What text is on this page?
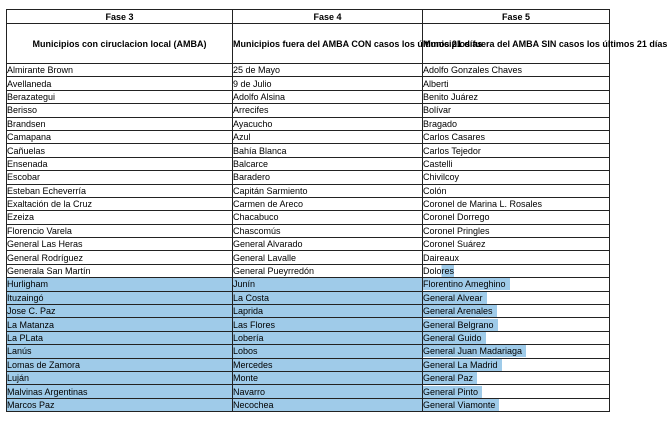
Fase 3	Fase 4	Fase 5
Municipios con ciruclacion local (AMBA)	Municipios fuera del AMBA CON casos los últimos 21 días	Municipios fuera del AMBA SIN casos los últimos 21 días
Almirante Brown	25 de Mayo	Adolfo Gonzales Chaves
Avellaneda	9 de Julio	Alberti
Berazategui	Adolfo Alsina	Benito Juárez
Berisso	Arrecifes	Bolívar
Brandsen	Ayacucho	Bragado
Camapana	Azul	Carlos Casares
Cañuelas	Bahía Blanca	Carlos Tejedor
Ensenada	Balcarce	Castelli
Escobar	Baradero	Chivilcoy
Esteban Echeverría	Capitán Sarmiento	Colón
Exaltación de la Cruz	Carmen de Areco	Coronel de Marina L. Rosales
Ezeiza	Chacabuco	Coronel Dorrego
Florencio Varela	Chascomús	Coronel Pringles
General Las Heras	General Alvarado	Coronel Suárez
General Rodríguez	General Lavalle	Daireaux
Generala San Martín	General Pueyrredón	Dolores
Hurligham	Junín	Florentino Ameghino
Ituzaingó	La Costa	General Alvear
Jose C. Paz	Laprida	General Arenales
La Matanza	Las Flores	General Belgrano
La PLata	Lobería	General Guido
Lanús	Lobos	General Juan Madariaga
Lomas de Zamora	Mercedes	General La Madrid
Luján	Monte	General Paz
Malvinas Argentinas	Navarro	General Pinto
Marcos Paz	Necochea	General Viamonte
